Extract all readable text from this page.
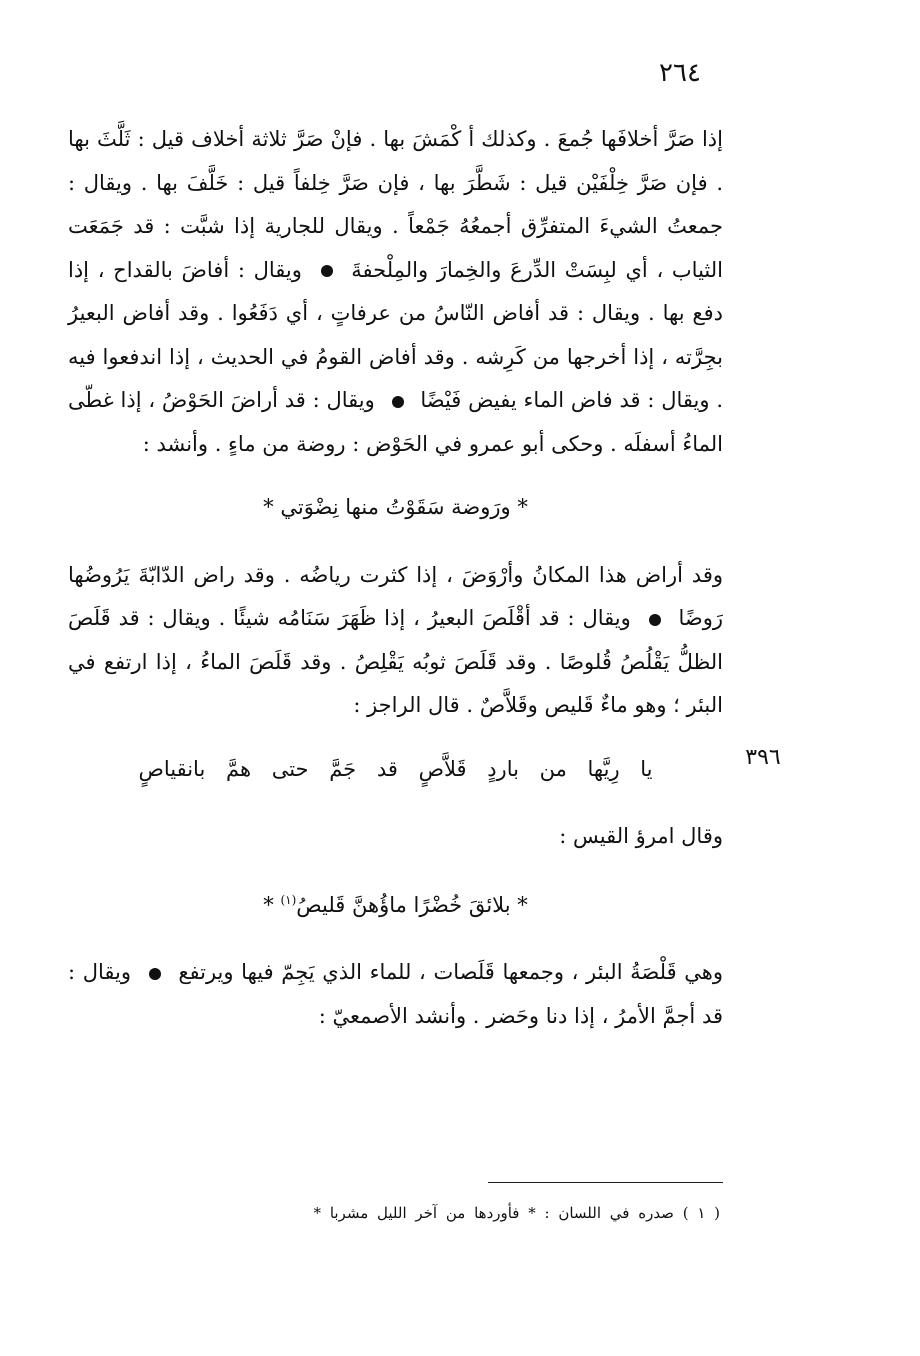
٢٦٤

إذا صَرَّ أخلافَها جُمعَ . وكذلك أ كْمَشَ بها . فإنْ صَرَّ ثلاثة أخلاف قيل : ثَلَّثَ بها . فإن صَرَّ خِلْفَيْن قيل : شَطَّرَ بها ، فإن صَرَّ خِلفاً قيل : خَلَّفَ بها . ويقال : جمعتُ الشيءَ المتفرِّق أجمعُهُ جَمْعاً . ويقال للجارية إذا شبَّت : قد جَمَعَت الثياب ، أي لبِسَتْ الدِّرعَ والخِمارَ والمِلْحفةَ  ويقال : أفاضَ بالقداح ، إذا دفع بها . ويقال : قد أفاض النّاسُ من عرفاتٍ ، أي دَفَعُوا . وقد أفاض البعيرُ بجِرَّته ، إذا أخرجها من كَرِشه . وقد أفاض القومُ في الحديث ، إذا اندفعوا فيه . ويقال : قد فاض الماء يفيض فَيْضًا  ويقال : قد أراضَ الحَوْضُ ، إذا غطّى الماءُ أسفلَه . وحكى أبو عمرو في الحَوْض : روضة من ماءٍ . وأنشد :

* ورَوضة سَقَوْتُ منها نِضْوَتي *

وقد أراض هذا المكانُ وأرْوَضَ ، إذا كثرت رياضُه . وقد راض الدّابّةَ يَرُوضُها رَوضًا  ويقال : قد أقْلَصَ البعيرُ ، إذا ظَهَرَ سَنَامُه شيئًا . ويقال : قد قَلَصَ الظلُّ يَقْلُصُ قُلوصًا . وقد قَلَصَ ثوبُه يَقْلِصُ . وقد قَلَصَ الماءُ ، إذا ارتفع في البئر ؛ وهو ماءٌ قَليص وقَلاَّصٌ . قال الراجز :

يا رِيَّها من باردٍ قَلاَّصٍ قد جَمَّ حتى همَّ بانقياصٍ

وقال امرؤ القيس :

* بلائقَ خُضْرًا ماؤُهنَّ قَليصُ$^{(١)}$ *

وهي قَلْصَةُ البئر ، وجمعها قَلَصات ، للماء الذي يَجِمّ فيها ويرتفع  ويقال : قد أجمَّ الأمرُ ، إذا دنا وحَضر . وأنشد الأصمعيّ :

٣٩٦
( ١ ) صدره في اللسان : * فأوردها من آخر الليل مشربا *
